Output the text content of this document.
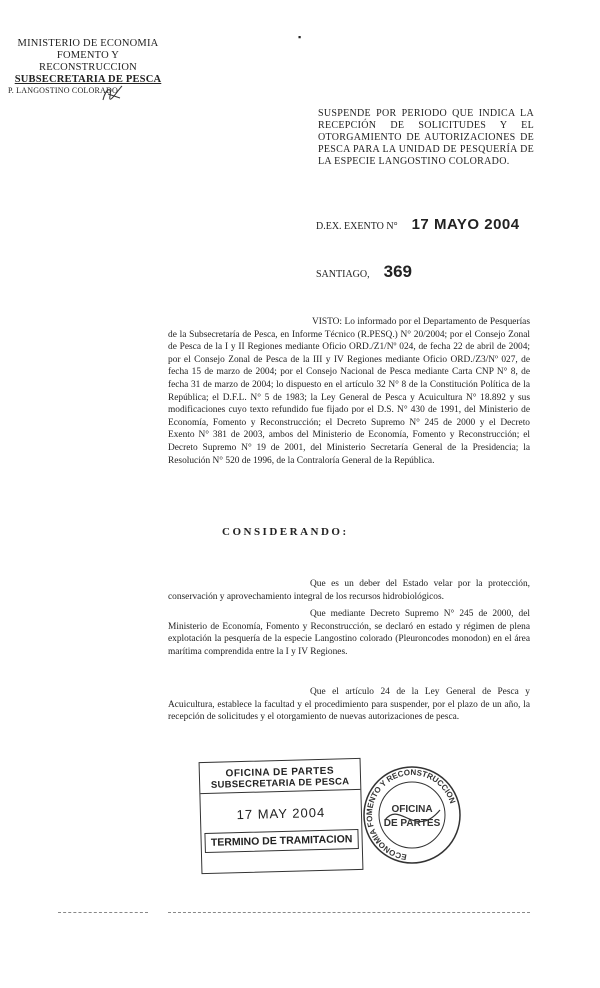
MINISTERIO DE ECONOMIA
FOMENTO Y RECONSTRUCCION
SUBSECRETARIA DE PESCA
P. LANGOSTINO COLORADO
▪
SUSPENDE POR PERIODO QUE INDICA LA RECEPCIÓN DE SOLICITUDES Y EL OTORGAMIENTO DE AUTORIZACIONES DE PESCA PARA LA UNIDAD DE PESQUERÍA DE LA ESPECIE LANGOSTINO COLORADO.
D.EX. EXENTO N° 17 MAYO 2004
SANTIAGO, 369
VISTO: Lo informado por el Departamento de Pesquerías de la Subsecretaría de Pesca, en Informe Técnico (R.PESQ.) N° 20/2004; por el Consejo Zonal de Pesca de la I y II Regiones mediante Oficio ORD./Z1/Nº 024, de fecha 22 de abril de 2004; por el Consejo Zonal de Pesca de la III y IV Regiones mediante Oficio ORD./Z3/Nº 027, de fecha 15 de marzo de 2004; por el Consejo Nacional de Pesca mediante Carta CNP N° 8, de fecha 31 de marzo de 2004; lo dispuesto en el artículo 32 N° 8 de la Constitución Política de la República; el D.F.L. N° 5 de 1983; la Ley General de Pesca y Acuicultura N° 18.892 y sus modificaciones cuyo texto refundido fue fijado por el D.S. N° 430 de 1991, del Ministerio de Economía, Fomento y Reconstrucción; el Decreto Supremo N° 245 de 2000 y el Decreto Exento N° 381 de 2003, ambos del Ministerio de Economía, Fomento y Reconstrucción; el Decreto Supremo N° 19 de 2001, del Ministerio Secretaría General de la Presidencia; la Resolución N° 520 de 1996, de la Contraloría General de la República.
CONSIDERANDO:
Que es un deber del Estado velar por la protección, conservación y aprovechamiento integral de los recursos hidrobiológicos.
Que mediante Decreto Supremo N° 245 de 2000, del Ministerio de Economía, Fomento y Reconstrucción, se declaró en estado y régimen de plena explotación la pesquería de la especie Langostino colorado (Pleuroncodes monodon) en el área marítima comprendida entre la I y IV Regiones.
Que el artículo 24 de la Ley General de Pesca y Acuicultura, establece la facultad y el procedimiento para suspender, por el plazo de un año, la recepción de solicitudes y el otorgamiento de nuevas autorizaciones de pesca.
OFICINA DE PARTES
SUBSECRETARIA DE PESCA
17 MAY 2004
TERMINO DE TRAMITACION
ECONOMIA FOMENTO Y RECONSTRUCCION
OFICINA
DE PARTES
